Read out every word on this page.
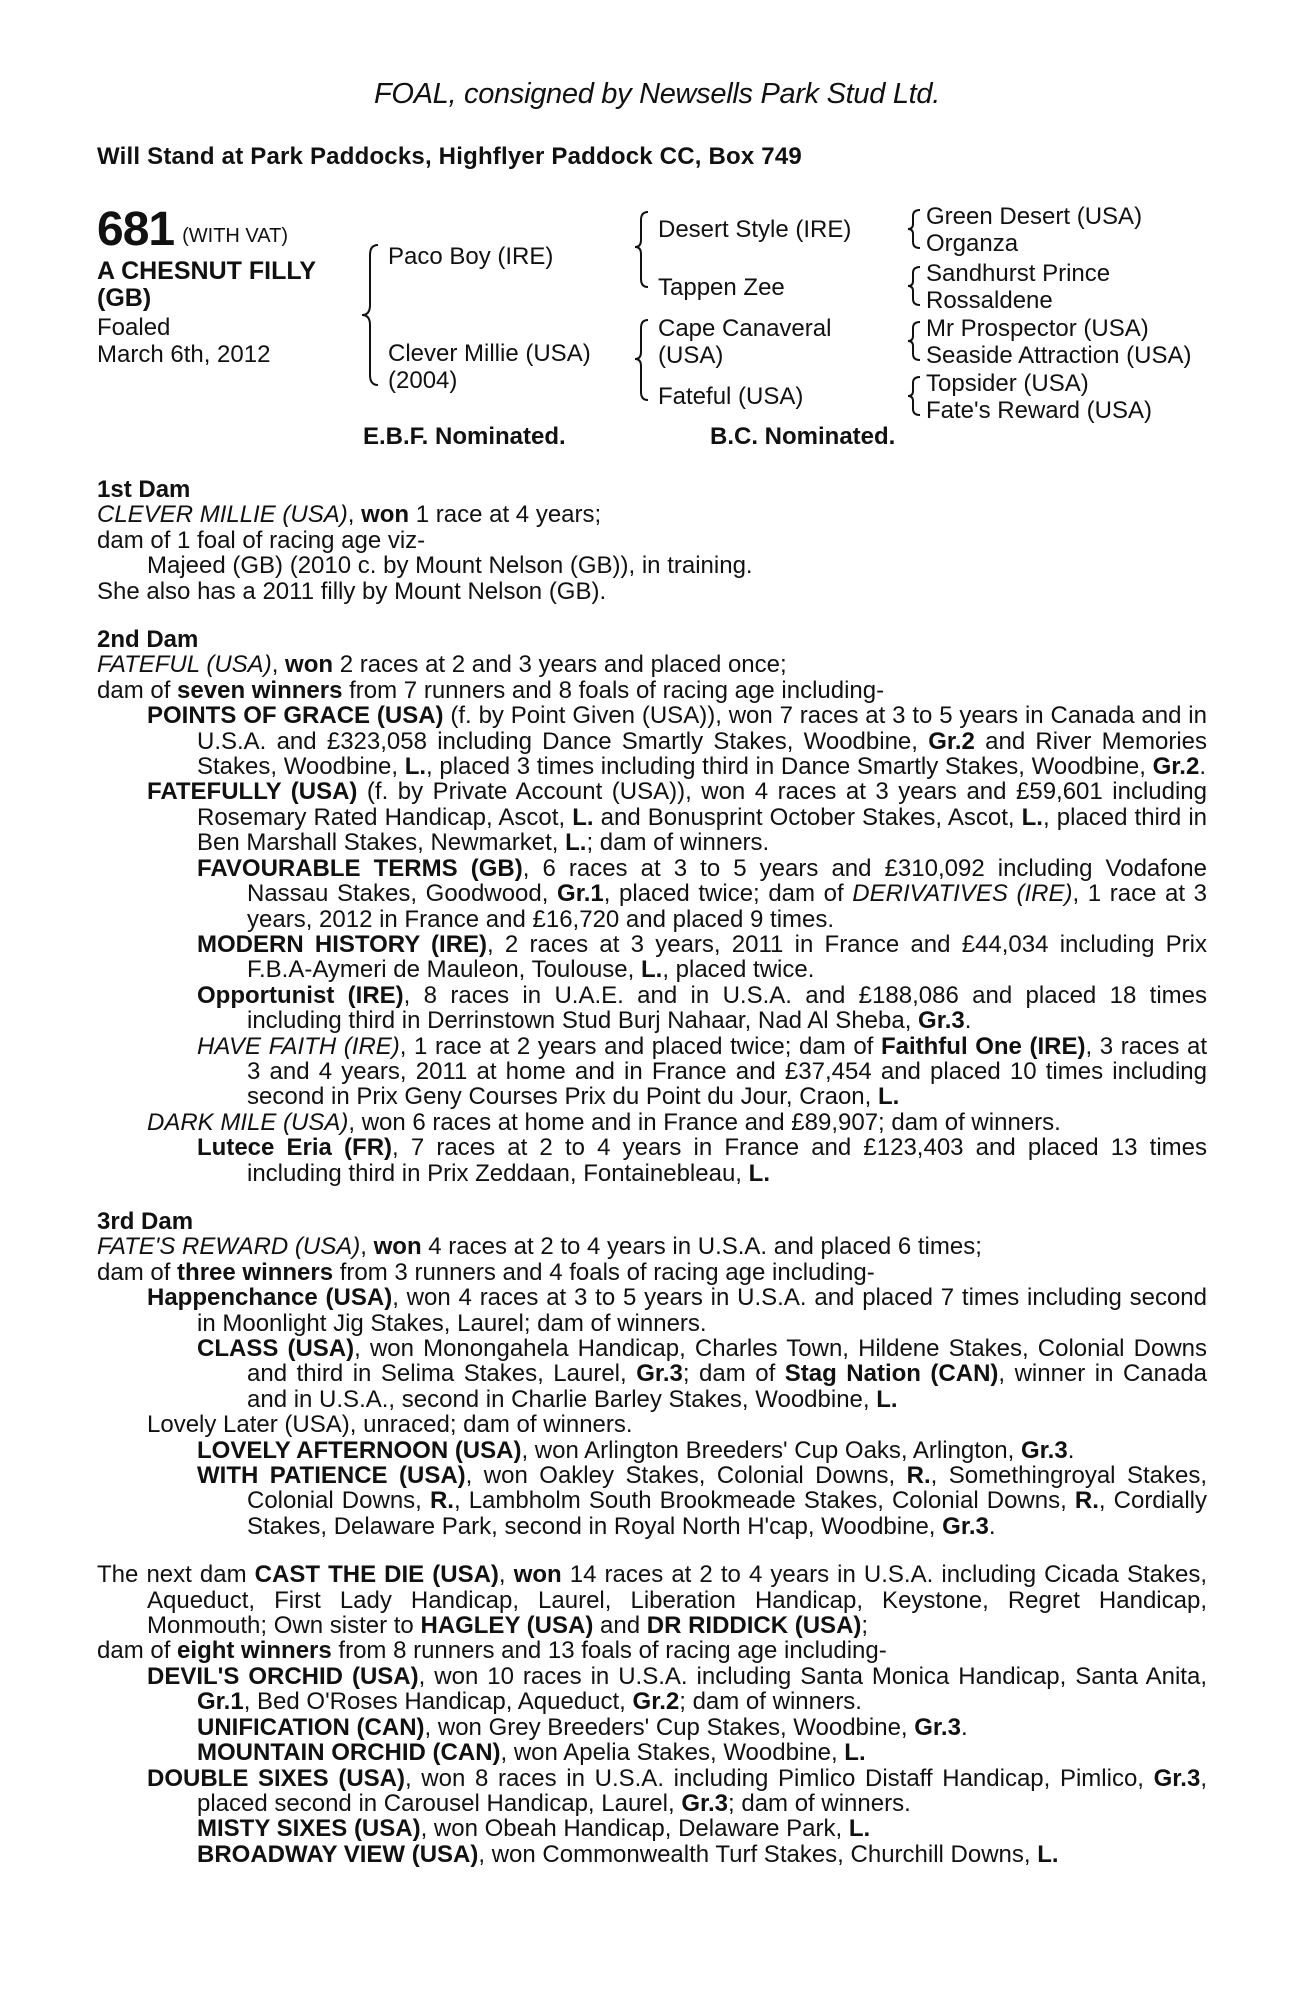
FOAL, consigned by Newsells Park Stud Ltd.
Will Stand at Park Paddocks, Highflyer Paddock CC, Box 749
681 (WITH VAT)
A CHESNUT FILLY
(GB)
Foaled
March 6th, 2012
Paco Boy (IRE)
Clever Millie (USA)
(2004)
Desert Style (IRE)
Tappen Zee
Cape Canaveral
(USA)
Fateful (USA)
Green Desert (USA)
Organza
Sandhurst Prince
Rossaldene
Mr Prospector (USA)
Seaside Attraction (USA)
Topsider (USA)
Fate's Reward (USA)
E.B.F. Nominated.	B.C. Nominated.

1st Dam

CLEVER MILLIE (USA), won 1 race at 4 years;

dam of 1 foal of racing age viz-

Majeed (GB) (2010 c. by Mount Nelson (GB)), in training.

She also has a 2011 filly by Mount Nelson (GB).

2nd Dam

FATEFUL (USA), won 2 races at 2 and 3 years and placed once;

dam of seven winners from 7 runners and 8 foals of racing age including-

POINTS OF GRACE (USA) (f. by Point Given (USA)), won 7 races at 3 to 5 years in Canada and in U.S.A. and £323,058 including Dance Smartly Stakes, Woodbine, Gr.2 and River Memories Stakes, Woodbine, L., placed 3 times including third in Dance Smartly Stakes, Woodbine, Gr.2.

FATEFULLY (USA) (f. by Private Account (USA)), won 4 races at 3 years and £59,601 including Rosemary Rated Handicap, Ascot, L. and Bonusprint October Stakes, Ascot, L., placed third in Ben Marshall Stakes, Newmarket, L.; dam of winners.

FAVOURABLE TERMS (GB), 6 races at 3 to 5 years and £310,092 including Vodafone Nassau Stakes, Goodwood, Gr.1, placed twice; dam of DERIVATIVES (IRE), 1 race at 3 years, 2012 in France and £16,720 and placed 9 times.

MODERN HISTORY (IRE), 2 races at 3 years, 2011 in France and £44,034 including Prix F.B.A-Aymeri de Mauleon, Toulouse, L., placed twice.

Opportunist (IRE), 8 races in U.A.E. and in U.S.A. and £188,086 and placed 18 times including third in Derrinstown Stud Burj Nahaar, Nad Al Sheba, Gr.3.

HAVE FAITH (IRE), 1 race at 2 years and placed twice; dam of Faithful One (IRE), 3 races at 3 and 4 years, 2011 at home and in France and £37,454 and placed 10 times including second in Prix Geny Courses Prix du Point du Jour, Craon, L.

DARK MILE (USA), won 6 races at home and in France and £89,907; dam of winners.

Lutece Eria (FR), 7 races at 2 to 4 years in France and £123,403 and placed 13 times including third in Prix Zeddaan, Fontainebleau, L.

3rd Dam

FATE'S REWARD (USA), won 4 races at 2 to 4 years in U.S.A. and placed 6 times;

dam of three winners from 3 runners and 4 foals of racing age including-

Happenchance (USA), won 4 races at 3 to 5 years in U.S.A. and placed 7 times including second in Moonlight Jig Stakes, Laurel; dam of winners.

CLASS (USA), won Monongahela Handicap, Charles Town, Hildene Stakes, Colonial Downs and third in Selima Stakes, Laurel, Gr.3; dam of Stag Nation (CAN), winner in Canada and in U.S.A., second in Charlie Barley Stakes, Woodbine, L.

Lovely Later (USA), unraced; dam of winners.

LOVELY AFTERNOON (USA), won Arlington Breeders' Cup Oaks, Arlington, Gr.3.

WITH PATIENCE (USA), won Oakley Stakes, Colonial Downs, R., Somethingroyal Stakes, Colonial Downs, R., Lambholm South Brookmeade Stakes, Colonial Downs, R., Cordially Stakes, Delaware Park, second in Royal North H'cap, Woodbine, Gr.3.

The next dam CAST THE DIE (USA), won 14 races at 2 to 4 years in U.S.A. including Cicada Stakes, Aqueduct, First Lady Handicap, Laurel, Liberation Handicap, Keystone, Regret Handicap, Monmouth; Own sister to HAGLEY (USA) and DR RIDDICK (USA);

dam of eight winners from 8 runners and 13 foals of racing age including-

DEVIL'S ORCHID (USA), won 10 races in U.S.A. including Santa Monica Handicap, Santa Anita, Gr.1, Bed O'Roses Handicap, Aqueduct, Gr.2; dam of winners.

UNIFICATION (CAN), won Grey Breeders' Cup Stakes, Woodbine, Gr.3.

MOUNTAIN ORCHID (CAN), won Apelia Stakes, Woodbine, L.

DOUBLE SIXES (USA), won 8 races in U.S.A. including Pimlico Distaff Handicap, Pimlico, Gr.3, placed second in Carousel Handicap, Laurel, Gr.3; dam of winners.

MISTY SIXES (USA), won Obeah Handicap, Delaware Park, L.

BROADWAY VIEW (USA), won Commonwealth Turf Stakes, Churchill Downs, L.
